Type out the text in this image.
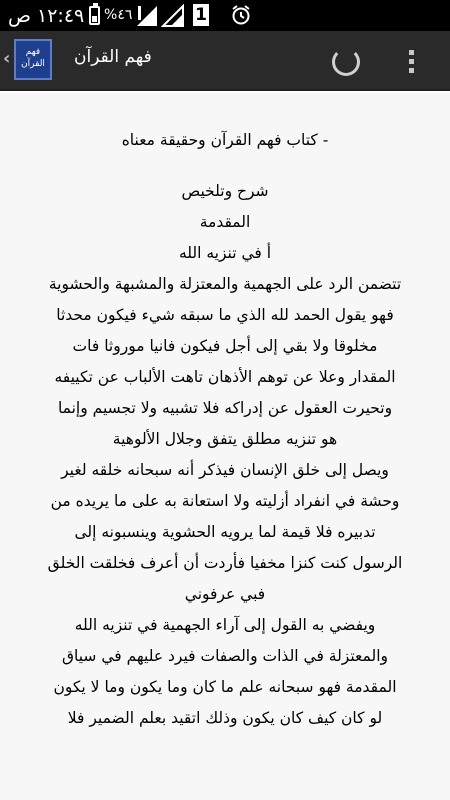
١٢:٤٩ ص %٤٦	1
فهم القرآن
فهم القرآن
‹

- كتاب فهم القرآن وحقيقة معناه

شرح وتلخيص

المقدمة

أ في تنزيه الله

تتضمن الرد على الجهمية والمعتزلة والمشبهة والحشوية

فهو يقول الحمد لله الذي ما سبقه شيء فيكون محدثا

مخلوقا ولا بقي إلى أجل فيكون فانيا موروثا فات

المقدار وعلا عن توهم الأذهان تاهت الألباب عن تكييفه

وتحيرت العقول عن إدراكه فلا تشبيه ولا تجسيم وإنما

هو تنزيه مطلق يتفق وجلال الألوهية

ويصل إلى خلق الإنسان فيذكر أنه سبحانه خلقه لغير

وحشة في انفراد أزليته ولا استعانة به على ما يريده من

تدبيره فلا قيمة لما يرويه الحشوية وينسبونه إلى

الرسول كنت كنزا مخفيا فأردت أن أعرف فخلقت الخلق

فبي عرفوني

ويفضي به القول إلى آراء الجهمية في تنزيه الله

والمعتزلة في الذات والصفات فيرد عليهم في سياق

المقدمة فهو سبحانه علم ما كان وما يكون وما لا يكون

لو كان كيف كان يكون وذلك اتقيد بعلم الضمير فلا
